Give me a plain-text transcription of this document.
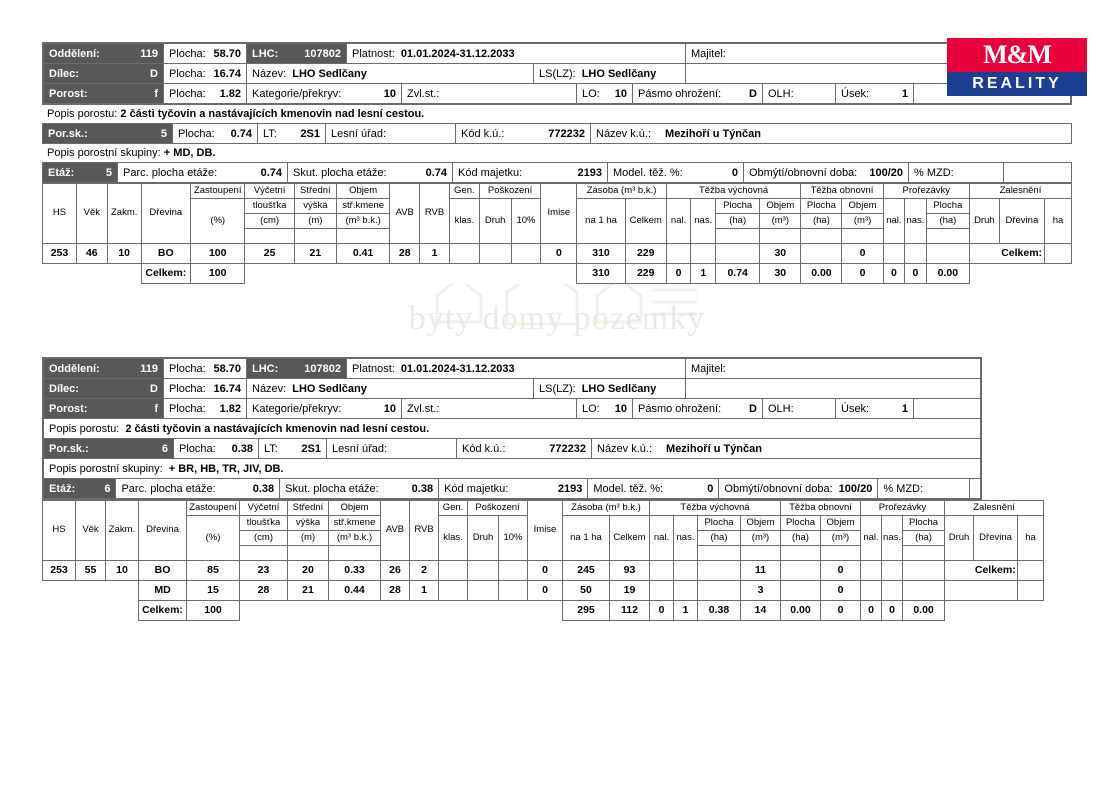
byty domy pozemky
M&M
REALITY
Oddělení:	119 Plocha: 58.70 LHC: 107802 Platnost: 01.01.2024-31.12.2033	Majitel:
Dílec:	D Plocha: 16.74 Název: LHO Sedlčany	LS(LZ): LHO Sedlčany
Porost:	f Plocha: 1.82 Kategorie/překryv:	10 Zvl.st.:	LO: 10 Pásmo ohrožení:	D OLH:	Úsek:	1
Popis porostu: 2 části tyčovin a nastávajících kmenovin nad lesní cestou.
Por.sk.:	5 Plocha: 0.74 LT: 2S1 Lesní úřad:	Kód k.ú.:	772232 Název k.ú.: Mezihoří u Týnčan
Popis porostní skupiny: + MD, DB.
Etáž:	5 Parc. plocha etáže:	0.74 Skut. plocha etáže:	0.74 Kód majetku:	2193 Model. těž. %:	0 Obmýtí/obnovní doba: 100/20 % MZD:
HS	Věk	Zakm.	Dřevina	Zastoupení	Výčetní	Střední	Objem	AVB	RVB	Gen.	Poškození		Imise	Zásoba (m³ b.k.)		Těžba výchovná				Těžba obnovní		Prořezávky			Zalesnění		
				(%)	tloušťka	výška	stř.kmene			klas.	Druh	10%		na 1 ha	Celkem	nal.	nas.	Plocha	Objem	Plocha	Objem	nal.	nas.	Plocha	Druh	Dřevina	ha
					(cm)	(m)	(m³ b.k.)											(ha)	(m³)	(ha)	(m³)			(ha)			

253	46	10	BO	100	25	21	0.41	28	1				0	310	229				30		0					Celkem:	
			Celkem:	100										310	229	0	1	0.74	30	0.00	0	0	0	0.00			
Oddělení:	119 Plocha: 58.70 LHC: 107802 Platnost: 01.01.2024-31.12.2033	Majitel:
Dílec:	D Plocha: 16.74 Název: LHO Sedlčany	LS(LZ): LHO Sedlčany
Porost:	f Plocha: 1.82 Kategorie/překryv:	10 Zvl.st.:	LO: 10 Pásmo ohrožení:	D OLH:	Úsek:	1
Popis porostu: 2 části tyčovin a nastávajících kmenovin nad lesní cestou.
Por.sk.:	6 Plocha: 0.38 LT: 2S1 Lesní úřad:	Kód k.ú.:	772232 Název k.ú.: Mezihoří u Týnčan
Popis porostní skupiny: + BR, HB, TR, JIV, DB.
Etáž:	6 Parc. plocha etáže:	0.38 Skut. plocha etáže:	0.38 Kód majetku:	2193 Model. těž. %:	0 Obmýtí/obnovní doba: 100/20 % MZD:
HS	Věk	Zakm.	Dřevina	Zastoupení	Výčetní	Střední	Objem	AVB	RVB	Gen.	Poškození		Imise	Zásoba (m³ b.k.)		Těžba výchovná				Těžba obnovní		Prořezávky			Zalesnění		
				(%)	tloušťka	výška	stř.kmene			klas.	Druh	10%		na 1 ha	Celkem	nal.	nas.	Plocha	Objem	Plocha	Objem	nal.	nas.	Plocha	Druh	Dřevina	ha
					(cm)	(m)	(m³ b.k.)											(ha)	(m³)	(ha)	(m³)			(ha)			

253	55	10	BO	85	23	20	0.33	26	2				0	245	93				11		0					Celkem:	
			MD	15	28	21	0.44	28	1				0	50	19				3		0						
			Celkem:	100										295	112	0	1	0.38	14	0.00	0	0	0	0.00			
